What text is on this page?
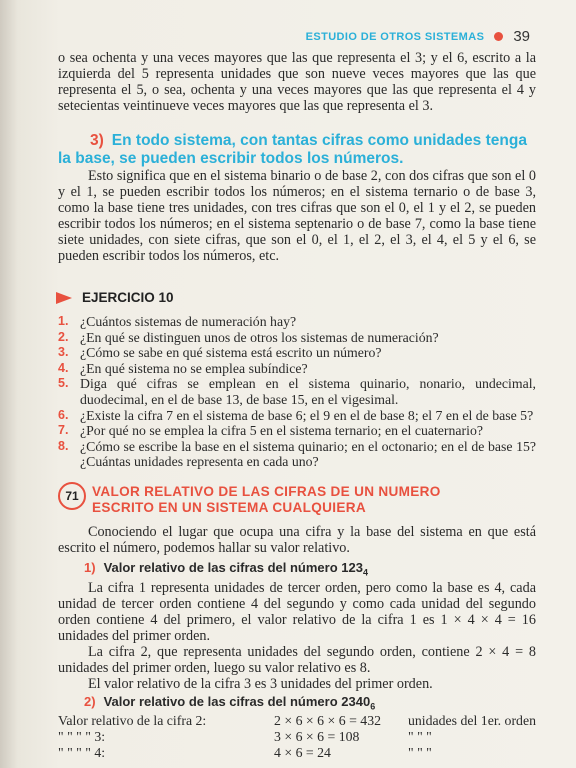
ESTUDIO DE OTROS SISTEMAS 39

o sea ochenta y una veces mayores que las que representa el 3; y el 6, escrito a la izquierda del 5 representa unidades que son nueve veces mayores que las que representa el 5, o sea, ochenta y una veces mayores que las que representa el 4 y setecientas veintinueve veces mayores que las que representa el 3.

3) En todo sistema, con tantas cifras como unidades tenga la base, se pueden escribir todos los números.

Esto significa que en el sistema binario o de base 2, con dos cifras que son el 0 y el 1, se pueden escribir todos los números; en el sistema ternario o de base 3, como la base tiene tres unidades, con tres cifras que son el 0, el 1 y el 2, se pueden escribir todos los números; en el sistema septenario o de base 7, como la base tiene siete unidades, con siete cifras, que son el 0, el 1, el 2, el 3, el 4, el 5 y el 6, se pueden escribir todos los números, etc.

EJERCICIO 10
1. ¿Cuántos sistemas de numeración hay?
2. ¿En qué se distinguen unos de otros los sistemas de numeración?
3. ¿Cómo se sabe en qué sistema está escrito un número?
4. ¿En qué sistema no se emplea subíndice?
5. Diga qué cifras se emplean en el sistema quinario, nonario, undecimal, duodecimal, en el de base 13, de base 15, en el vigesimal.
6. ¿Existe la cifra 7 en el sistema de base 6; el 9 en el de base 8; el 7 en el de base 5?
7. ¿Por qué no se emplea la cifra 5 en el sistema ternario; en el cuaternario?
8. ¿Cómo se escribe la base en el sistema quinario; en el octonario; en el de base 15? ¿Cuántas unidades representa en cada uno?
71 VALOR RELATIVO DE LAS CIFRAS DE UN NUMERO
ESCRITO EN UN SISTEMA CUALQUIERA

Conociendo el lugar que ocupa una cifra y la base del sistema en que está escrito el número, podemos hallar su valor relativo.

1) Valor relativo de las cifras del número $123_4$

La cifra 1 representa unidades de tercer orden, pero como la base es 4, cada unidad de tercer orden contiene 4 del segundo y como cada unidad del segundo orden contiene 4 del primero, el valor relativo de la cifra 1 es 1 × 4 × 4 = 16 unidades del primer orden.

La cifra 2, que representa unidades del segundo orden, contiene 2 × 4 = 8 unidades del primer orden, luego su valor relativo es 8.

El valor relativo de la cifra 3 es 3 unidades del primer orden.

2) Valor relativo de las cifras del número $2340_6$
Valor relativo de la cifra 2:	2 × 6 × 6 × 6 = 432	unidades del 1er. orden
" " " " 3:	3 × 6 × 6 = 108	" " "
" " " " 4:	4 × 6 = 24	" " "
